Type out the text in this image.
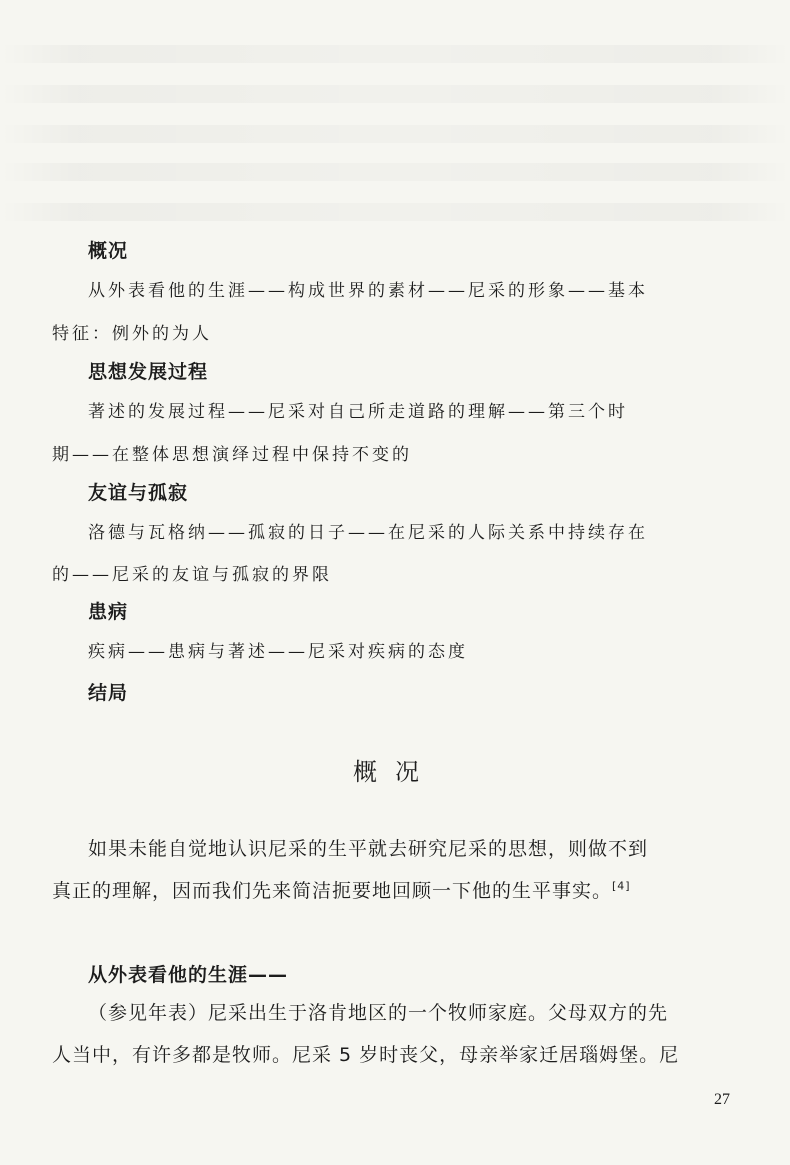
概况
从外表看他的生涯——构成世界的素材——尼采的形象——基本
特征：例外的为人
思想发展过程
著述的发展过程——尼采对自己所走道路的理解——第三个时
期——在整体思想演绎过程中保持不变的
友谊与孤寂
洛德与瓦格纳——孤寂的日子——在尼采的人际关系中持续存在
的——尼采的友谊与孤寂的界限
患病
疾病——患病与著述——尼采对疾病的态度
结局
概况
如果未能自觉地认识尼采的生平就去研究尼采的思想，则做不到
真正的理解，因而我们先来简洁扼要地回顾一下他的生平事实。[4]
从外表看他的生涯——
（参见年表）尼采出生于洛肯地区的一个牧师家庭。父母双方的先
人当中，有许多都是牧师。尼采 5 岁时丧父，母亲举家迁居瑙姆堡。尼
27
